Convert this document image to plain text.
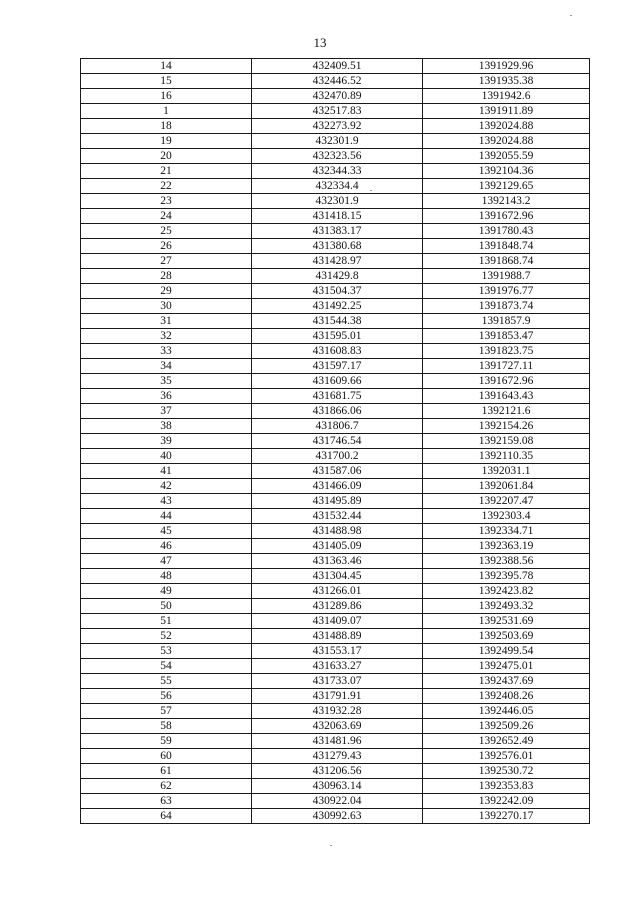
13
14	432409.51	1391929.96
15	432446.52	1391935.38
16	432470.89	1391942.6
1	432517.83	1391911.89
18	432273.92	1392024.88
19	432301.9	1392024.88
20	432323.56	1392055.59
21	432344.33	1392104.36
22	432334.4	1392129.65
23	432301.9	1392143.2
24	431418.15	1391672.96
25	431383.17	1391780.43
26	431380.68	1391848.74
27	431428.97	1391868.74
28	431429.8	1391988.7
29	431504.37	1391976.77
30	431492.25	1391873.74
31	431544.38	1391857.9
32	431595.01	1391853.47
33	431608.83	1391823.75
34	431597.17	1391727.11
35	431609.66	1391672.96
36	431681.75	1391643.43
37	431866.06	1392121.6
38	431806.7	1392154.26
39	431746.54	1392159.08
40	431700.2	1392110.35
41	431587.06	1392031.1
42	431466.09	1392061.84
43	431495.89	1392207.47
44	431532.44	1392303.4
45	431488.98	1392334.71
46	431405.09	1392363.19
47	431363.46	1392388.56
48	431304.45	1392395.78
49	431266.01	1392423.82
50	431289.86	1392493.32
51	431409.07	1392531.69
52	431488.89	1392503.69
53	431553.17	1392499.54
54	431633.27	1392475.01
55	431733.07	1392437.69
56	431791.91	1392408.26
57	431932.28	1392446.05
58	432063.69	1392509.26
59	431481.96	1392652.49
60	431279.43	1392576.01
61	431206.56	1392530.72
62	430963.14	1392353.83
63	430922.04	1392242.09
64	430992.63	1392270.17
